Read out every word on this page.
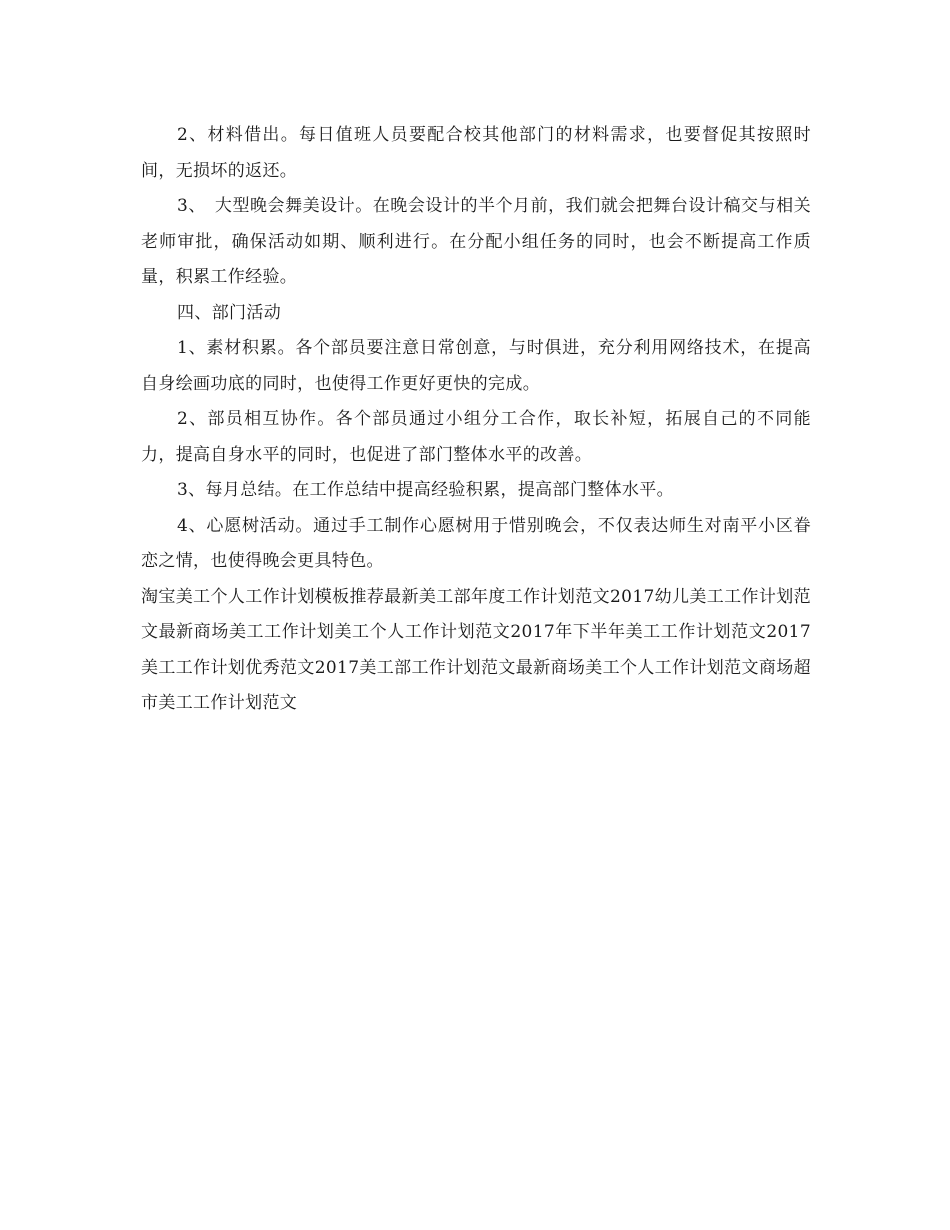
2、材料借出。每日值班人员要配合校其他部门的材料需求，也要督促其按照时间，无损坏的返还。

3、　大型晚会舞美设计。在晚会设计的半个月前，我们就会把舞台设计稿交与相关老师审批，确保活动如期、顺利进行。在分配小组任务的同时，也会不断提高工作质量，积累工作经验。

四、部门活动

1、素材积累。各个部员要注意日常创意，与时俱进，充分利用网络技术，在提高自身绘画功底的同时，也使得工作更好更快的完成。

2、部员相互协作。各个部员通过小组分工合作，取长补短，拓展自己的不同能力，提高自身水平的同时，也促进了部门整体水平的改善。

3、每月总结。在工作总结中提高经验积累，提高部门整体水平。

4、心愿树活动。通过手工制作心愿树用于惜别晚会，不仅表达师生对南平小区眷恋之情，也使得晚会更具特色。

淘宝美工个人工作计划模板推荐最新美工部年度工作计划范文2017幼儿美工工作计划范文最新商场美工工作计划美工个人工作计划范文2017年下半年美工工作计划范文2017美工工作计划优秀范文2017美工部工作计划范文最新商场美工个人工作计划范文商场超市美工工作计划范文
